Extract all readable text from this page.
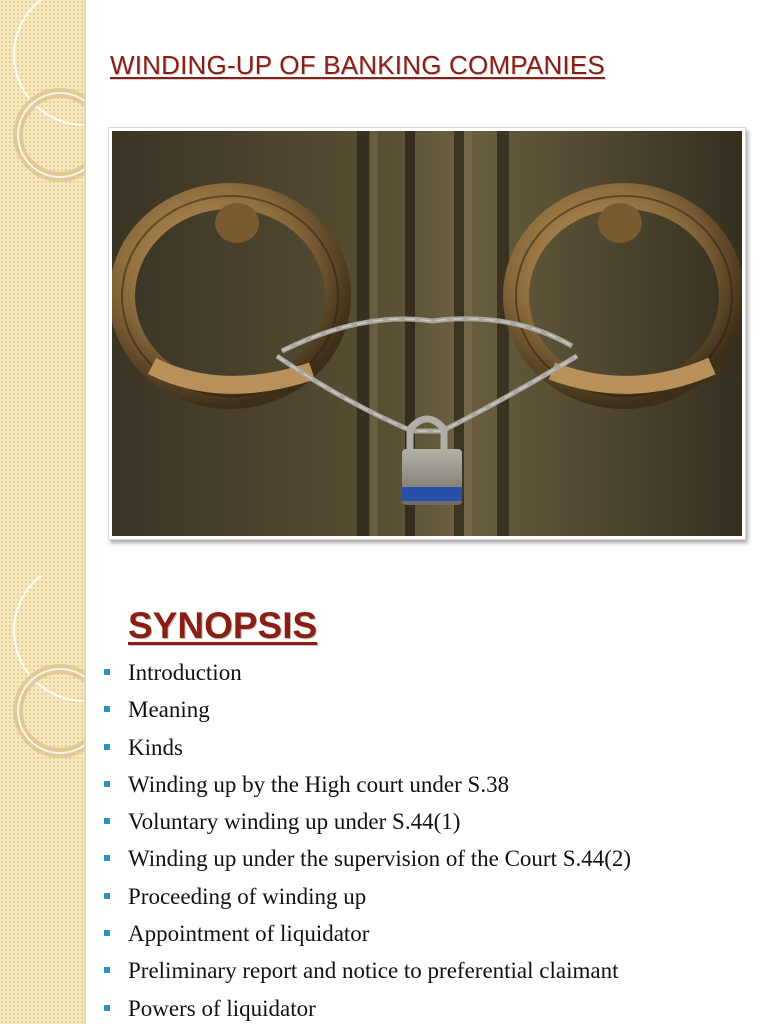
WINDING-UP OF BANKING COMPANIES
SYNOPSIS
Introduction
Meaning
Kinds
Winding up by the High court under S.38
Voluntary winding up under S.44(1)
Winding up under the supervision of the Court S.44(2)
Proceeding of winding up
Appointment of liquidator
Preliminary report and notice to preferential claimant
Powers of liquidator
